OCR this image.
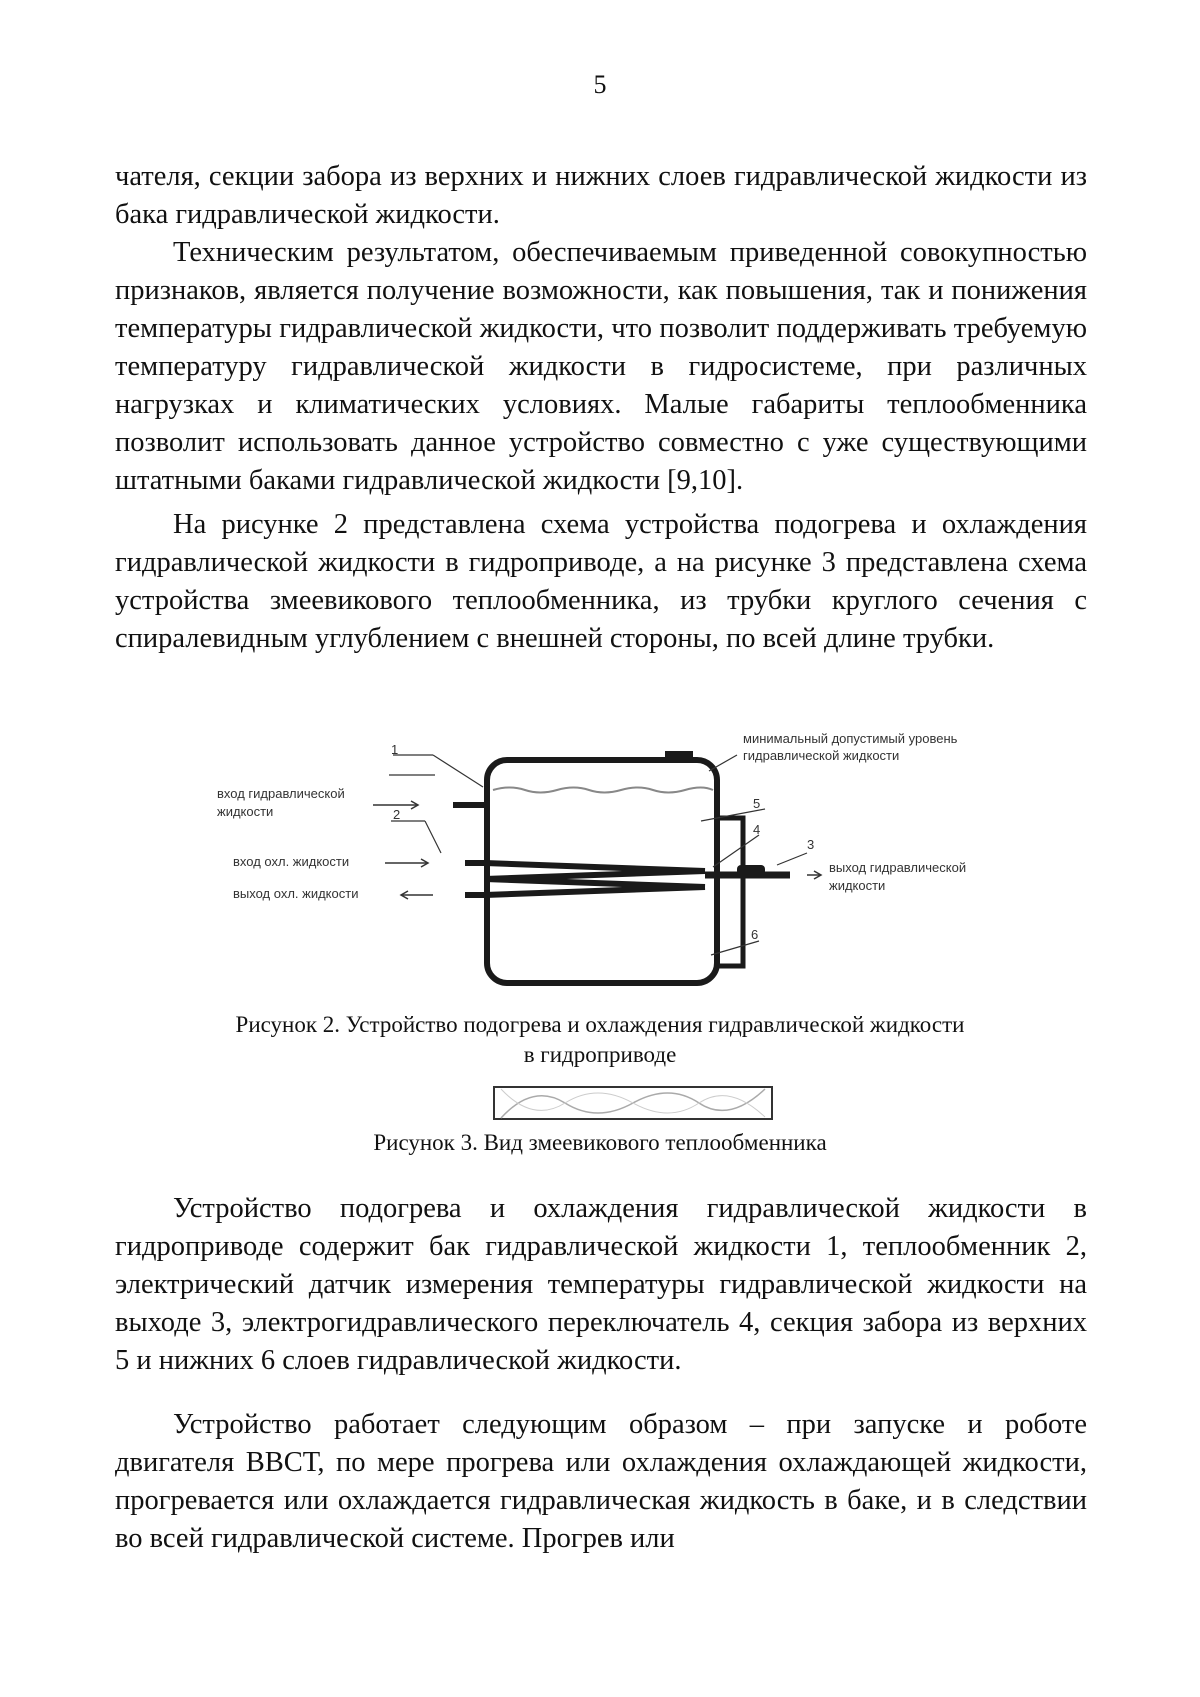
5

чателя, секции забора из верхних и нижних слоев гидравлической жидкости из бака гидравлической жидкости.

Техническим результатом, обеспечиваемым приведенной совокупностью признаков, является получение возможности, как повышения, так и понижения температуры гидравлической жидкости, что позволит поддерживать требуемую температуру гидравлической жидкости в гидросистеме, при различных нагрузках и климатических условиях. Малые габариты теплообменника позволит использовать данное устройство совместно с уже существующими штатными баками гидравлической жидкости [9,10].

На рисунке 2 представлена схема устройства подогрева и охлаждения гидравлической жидкости в гидроприводе, а на рисунке 3 представлена схема устройства змеевикового теплообменника, из трубки круглого сечения с спиралевидным углублением с внешней стороны, по всей длине трубки.

1
минимальный допустимый уровень
гидравлической жидкости
вход гидравлической
жидкости	2
5
4
3
вход охл. жидкости
выход охл. жидкости
выход гидравлической
жидкости
6
Рисунок 2. Устройство подогрева и охлаждения гидравлической жидкости
в гидроприводе
Рисунок 3. Вид змеевикового теплообменника

Устройство подогрева и охлаждения гидравлической жидкости в гидроприводе содержит бак гидравлической жидкости 1, теплообменник 2, электрический датчик измерения температуры гидравлической жидкости на выходе 3, электрогидравлического переключатель 4, секция забора из верхних 5 и нижних 6 слоев гидравлической жидкости.

Устройство работает следующим образом – при запуске и роботе двигателя ВВСТ, по мере прогрева или охлаждения охлаждающей жидкости, прогревается или охлаждается гидравлическая жидкость в баке, и в следствии во всей гидравлической системе. Прогрев или
